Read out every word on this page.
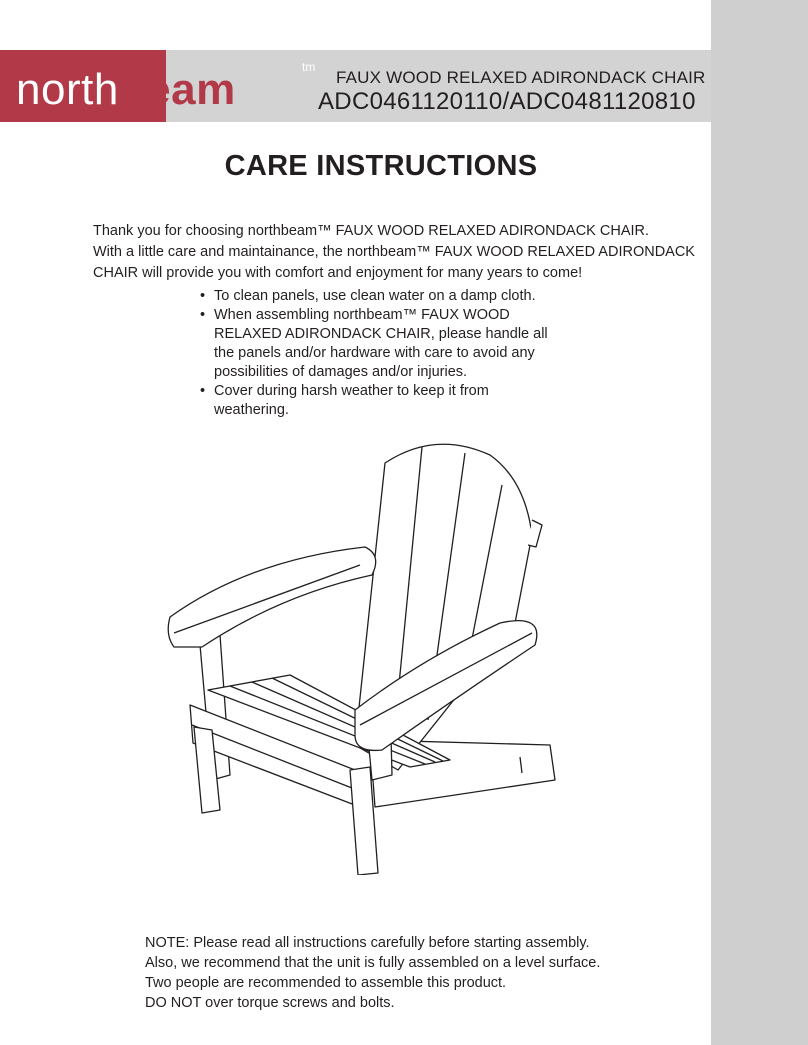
northbeam	tm
FAUX WOOD RELAXED ADIRONDACK CHAIR
ADC0461120110/ADC0481120810
CARE INSTRUCTIONS
Thank you for choosing northbeam™ FAUX WOOD RELAXED ADIRONDACK CHAIR.
With a little care and maintainance, the northbeam™ FAUX WOOD RELAXED ADIRONDACK
CHAIR will provide you with comfort and enjoyment for many years to come!
• To clean panels, use clean water on a damp cloth.
• When assembling northbeam™ FAUX WOOD RELAXED ADIRONDACK CHAIR, please handle all the panels and/or hardware with care to avoid any possibilities of damages and/or injuries.
• Cover during harsh weather to keep it from weathering.
NOTE: Please read all instructions carefully before starting assembly.
Also, we recommend that the unit is fully assembled on a level surface.
Two people are recommended to assemble this product.
DO NOT over torque screws and bolts.
